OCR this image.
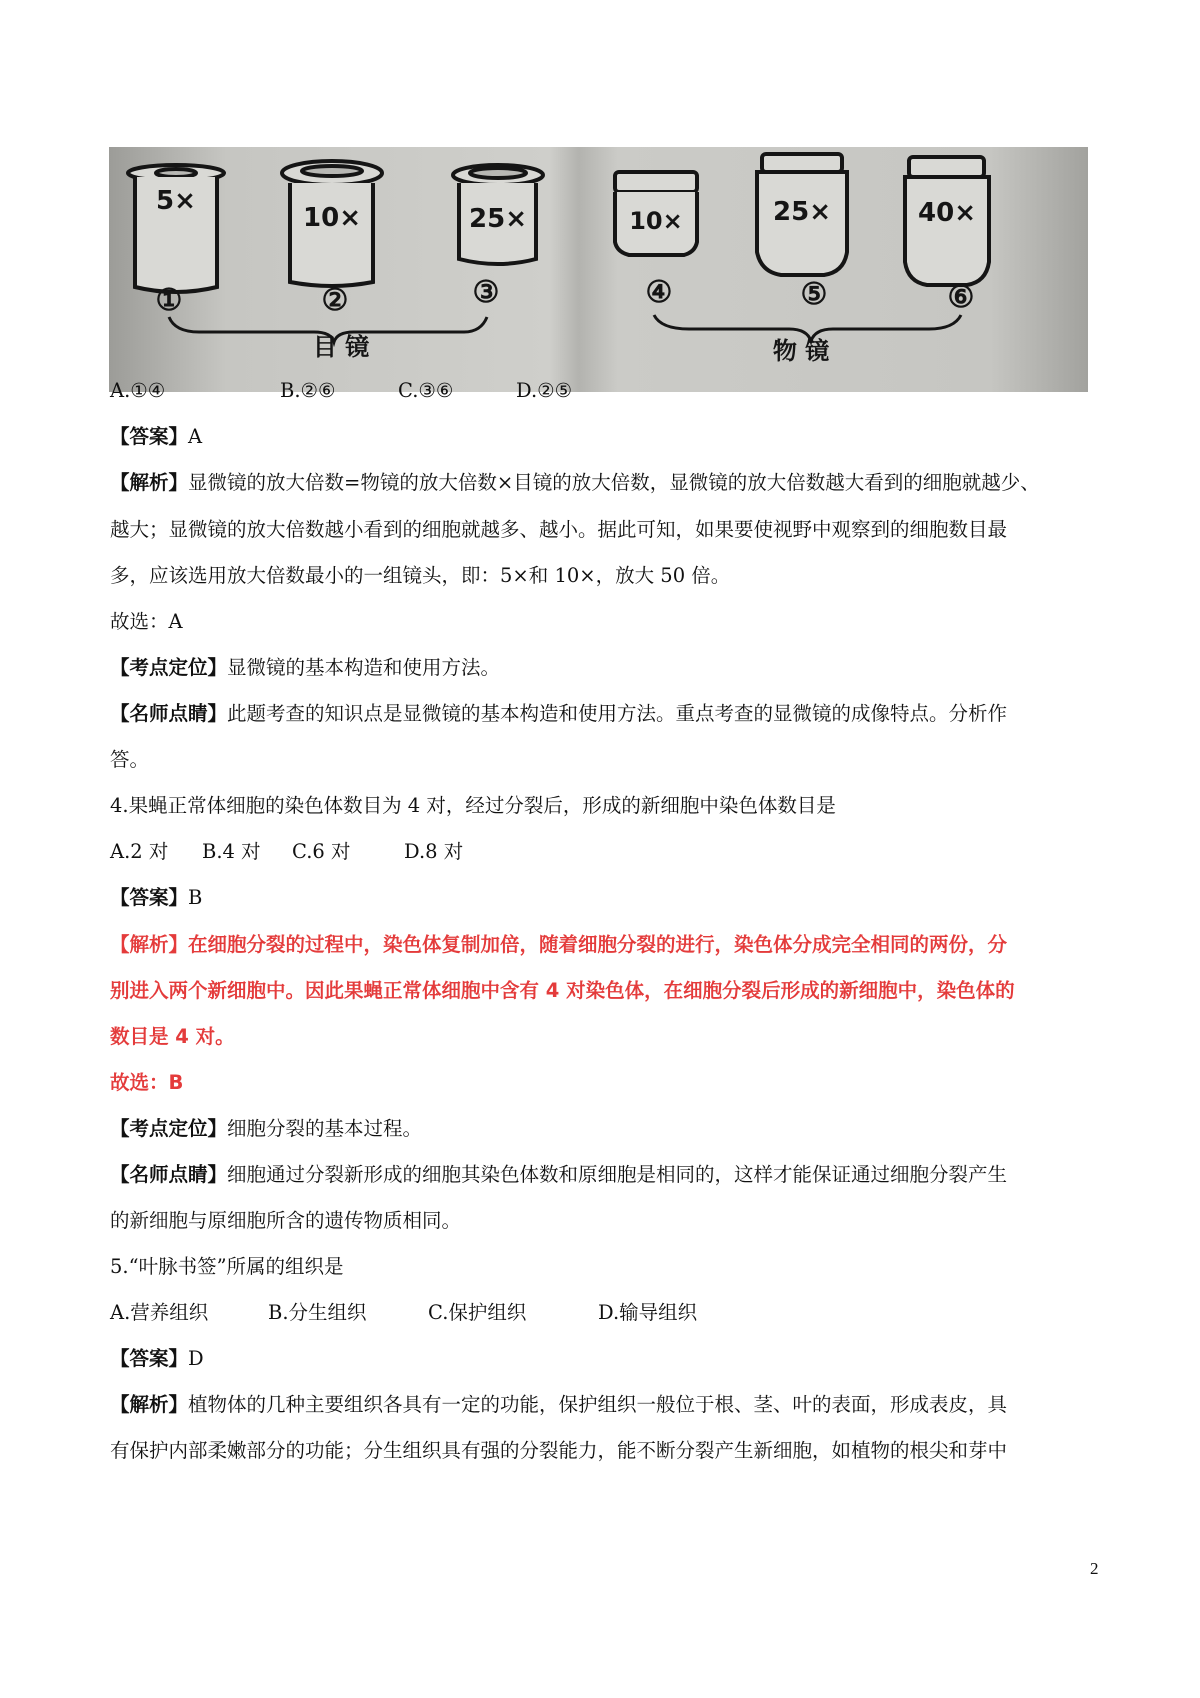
5×
①
10×
②
25×
③
目 镜
10×
④
25×
⑤
40×
⑥
物 镜
A.①④	B.②⑥	C.③⑥	D.②⑤
【答案】A
【解析】显微镜的放大倍数=物镜的放大倍数×目镜的放大倍数，显微镜的放大倍数越大看到的细胞就越少、
越大；显微镜的放大倍数越小看到的细胞就越多、越小。据此可知，如果要使视野中观察到的细胞数目最
多，应该选用放大倍数最小的一组镜头，即：5×和 10×，放大 50 倍。
故选：A
【考点定位】显微镜的基本构造和使用方法。
【名师点睛】此题考查的知识点是显微镜的基本构造和使用方法。重点考查的显微镜的成像特点。分析作
答。
4.果蝇正常体细胞的染色体数目为 4 对，经过分裂后，形成的新细胞中染色体数目是
A.2 对 B.4 对 C.6 对	D.8 对
【答案】B
【解析】在细胞分裂的过程中，染色体复制加倍，随着细胞分裂的进行，染色体分成完全相同的两份，分
别进入两个新细胞中。因此果蝇正常体细胞中含有 4 对染色体，在细胞分裂后形成的新细胞中，染色体的
数目是 4 对。
故选：B
【考点定位】细胞分裂的基本过程。
【名师点睛】细胞通过分裂新形成的细胞其染色体数和原细胞是相同的，这样才能保证通过细胞分裂产生
的新细胞与原细胞所含的遗传物质相同。
5.“叶脉书签”所属的组织是
A.营养组织	B.分生组织	C.保护组织	D.输导组织
【答案】D
【解析】植物体的几种主要组织各具有一定的功能，保护组织一般位于根、茎、叶的表面，形成表皮，具
有保护内部柔嫩部分的功能；分生组织具有强的分裂能力，能不断分裂产生新细胞，如植物的根尖和芽中
2
